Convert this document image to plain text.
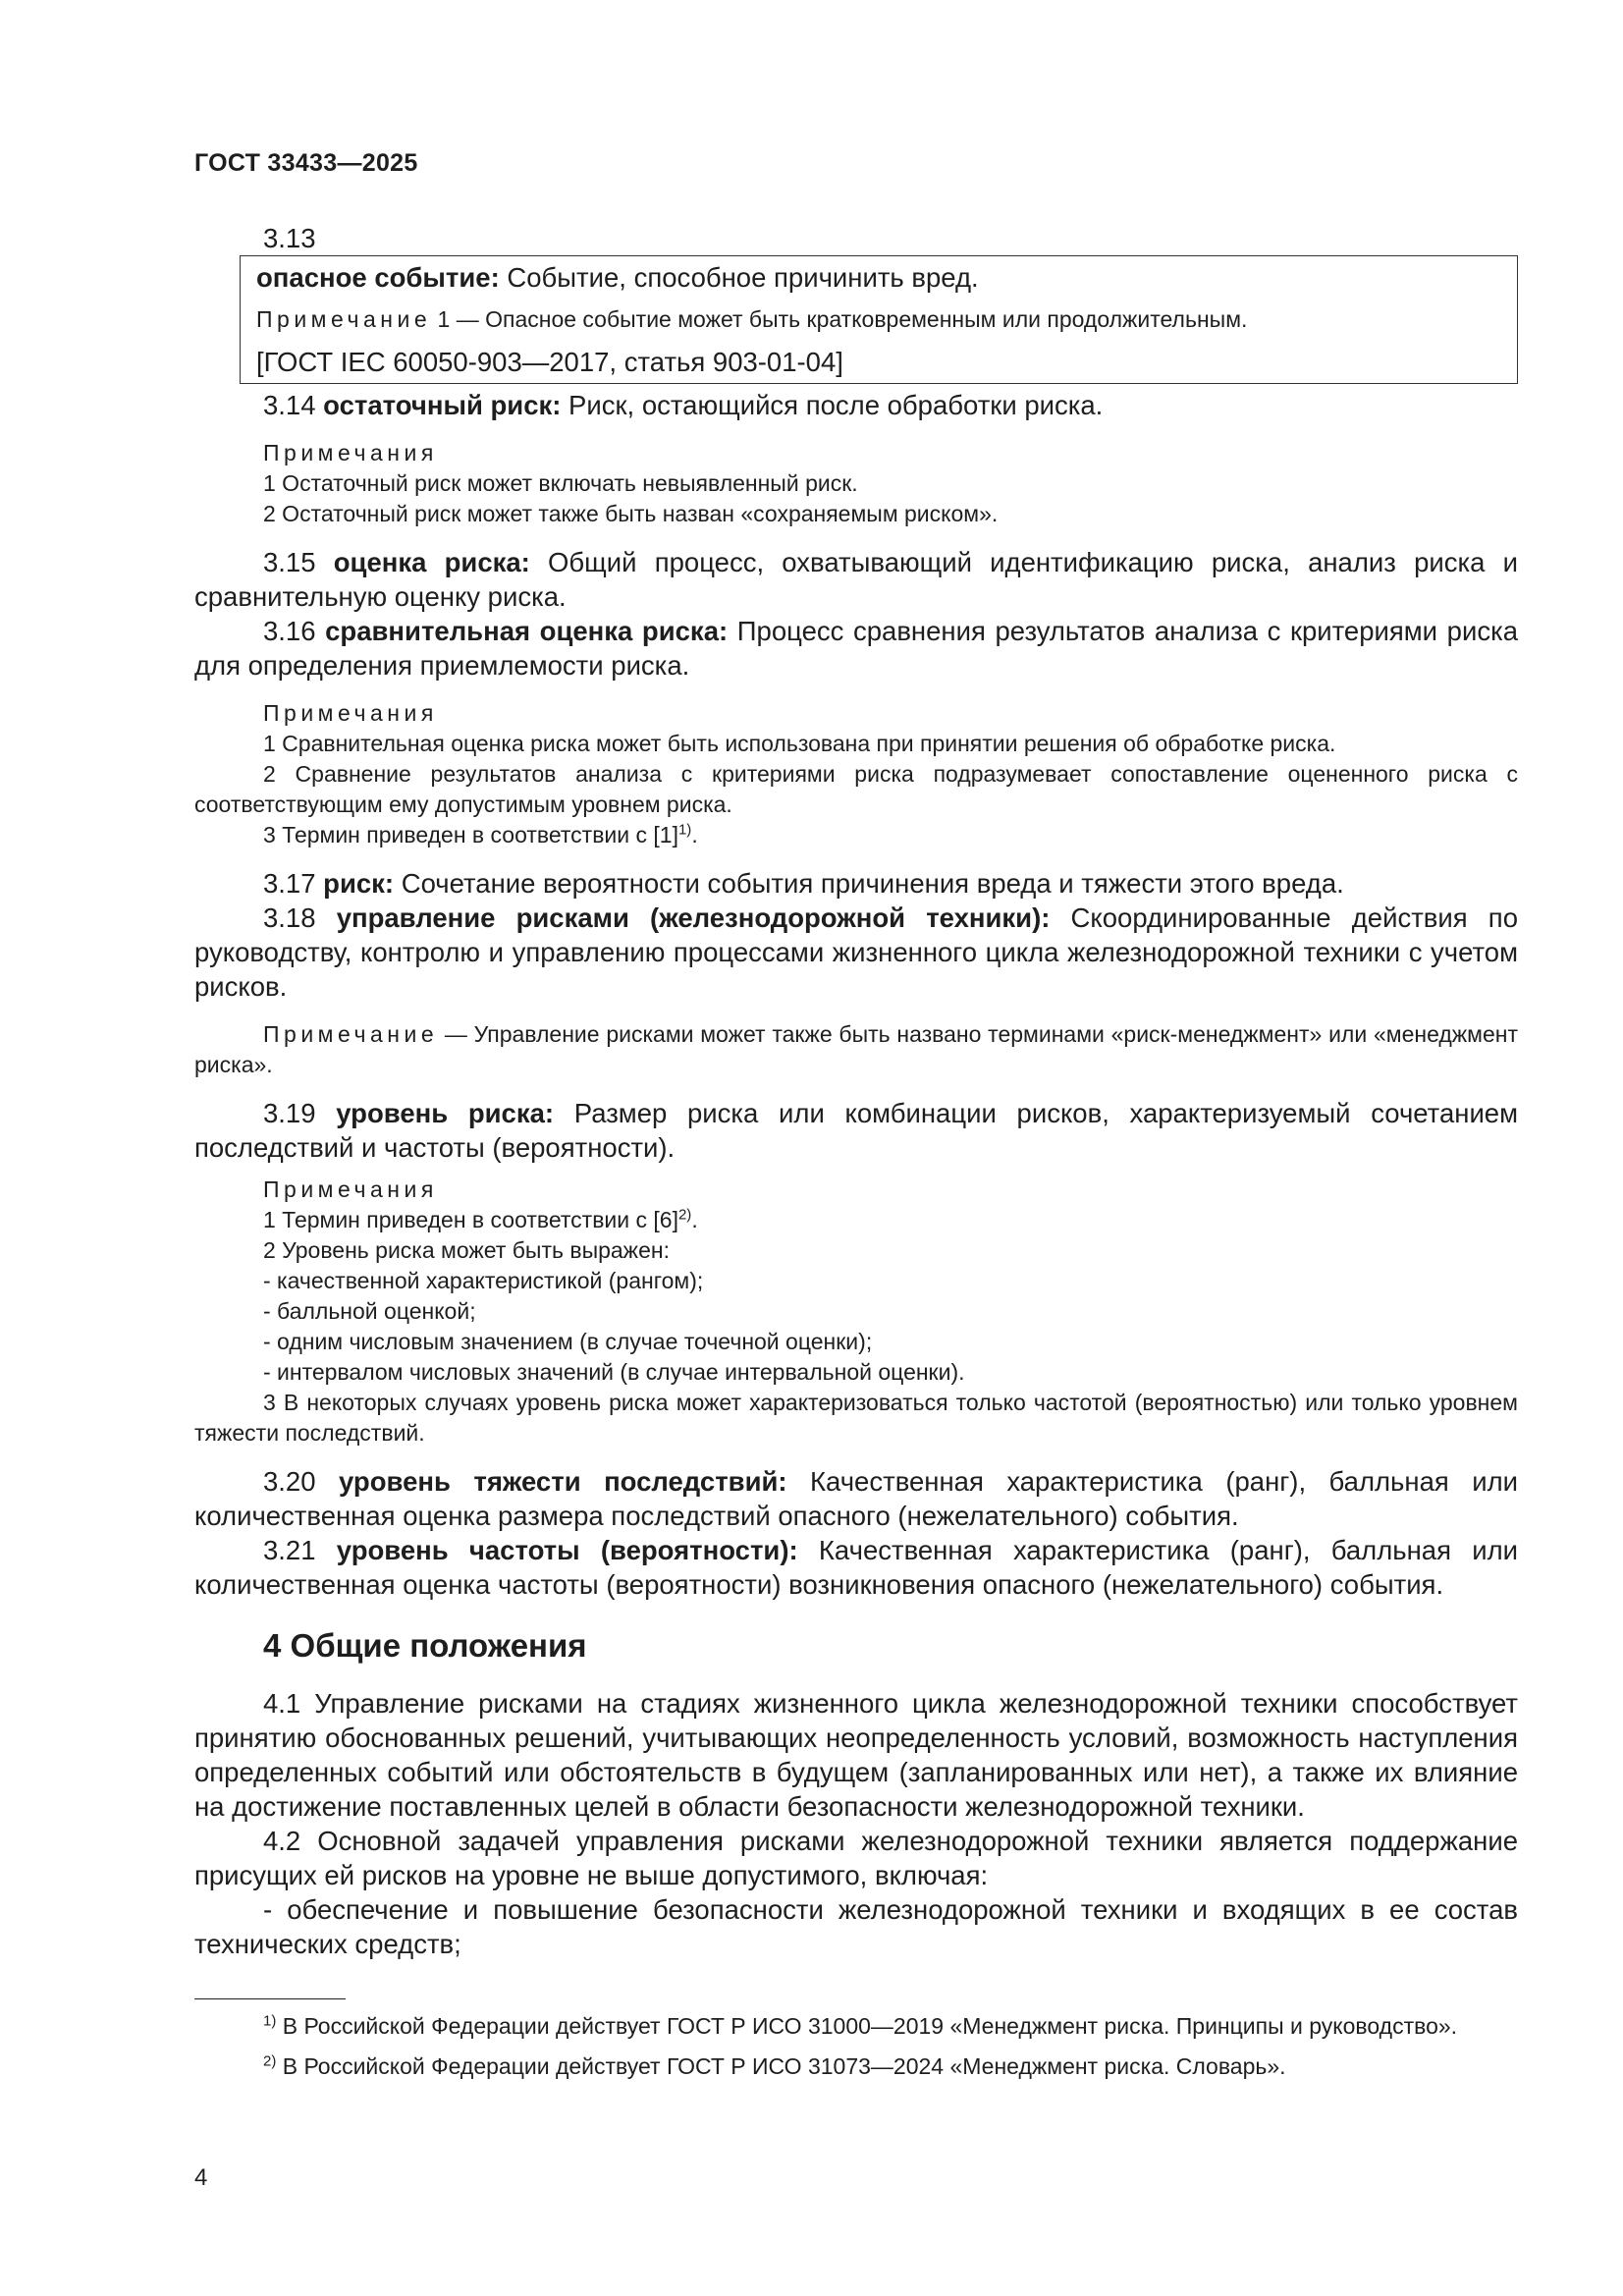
ГОСТ 33433—2025

3.13

опасное событие: Событие, способное причинить вред.

Примечание 1 — Опасное событие может быть кратковременным или продолжительным.

[ГОСТ IEC 60050-903—2017, статья 903-01-04]

3.14 остаточный риск: Риск, остающийся после обработки риска.

Примечания

1 Остаточный риск может включать невыявленный риск.

2 Остаточный риск может также быть назван «сохраняемым риском».

3.15 оценка риска: Общий процесс, охватывающий идентификацию риска, анализ риска и сравнительную оценку риска.

3.16 сравнительная оценка риска: Процесс сравнения результатов анализа с критериями риска для определения приемлемости риска.

Примечания

1 Сравнительная оценка риска может быть использована при принятии решения об обработке риска.

2 Сравнение результатов анализа с критериями риска подразумевает сопоставление оцененного риска с соответствующим ему допустимым уровнем риска.

3 Термин приведен в соответствии с $[1]^{1)}$.

3.17 риск: Сочетание вероятности события причинения вреда и тяжести этого вреда.

3.18 управление рисками (железнодорожной техники): Скоординированные действия по руководству, контролю и управлению процессами жизненного цикла железнодорожной техники с учетом рисков.

Примечание — Управление рисками может также быть названо терминами «риск-менеджмент» или «менеджмент риска».

3.19 уровень риска: Размер риска или комбинации рисков, характеризуемый сочетанием последствий и частоты (вероятности).

Примечания

1 Термин приведен в соответствии с $[6]^{2)}$.

2 Уровень риска может быть выражен:

- качественной характеристикой (рангом);

- балльной оценкой;

- одним числовым значением (в случае точечной оценки);

- интервалом числовых значений (в случае интервальной оценки).

3 В некоторых случаях уровень риска может характеризоваться только частотой (вероятностью) или только уровнем тяжести последствий.

3.20 уровень тяжести последствий: Качественная характеристика (ранг), балльная или количественная оценка размера последствий опасного (нежелательного) события.

3.21 уровень частоты (вероятности): Качественная характеристика (ранг), балльная или количественная оценка частоты (вероятности) возникновения опасного (нежелательного) события.

4 Общие положения

4.1 Управление рисками на стадиях жизненного цикла железнодорожной техники способствует принятию обоснованных решений, учитывающих неопределенность условий, возможность наступления определенных событий или обстоятельств в будущем (запланированных или нет), а также их влияние на достижение поставленных целей в области безопасности железнодорожной техники.

4.2 Основной задачей управления рисками железнодорожной техники является поддержание присущих ей рисков на уровне не выше допустимого, включая:

- обеспечение и повышение безопасности железнодорожной техники и входящих в ее состав технических средств;

$^{1)}$ В Российской Федерации действует ГОСТ Р ИСО 31000—2019 «Менеджмент риска. Принципы и руководство».

$^{2)}$ В Российской Федерации действует ГОСТ Р ИСО 31073—2024 «Менеджмент риска. Словарь».

4
